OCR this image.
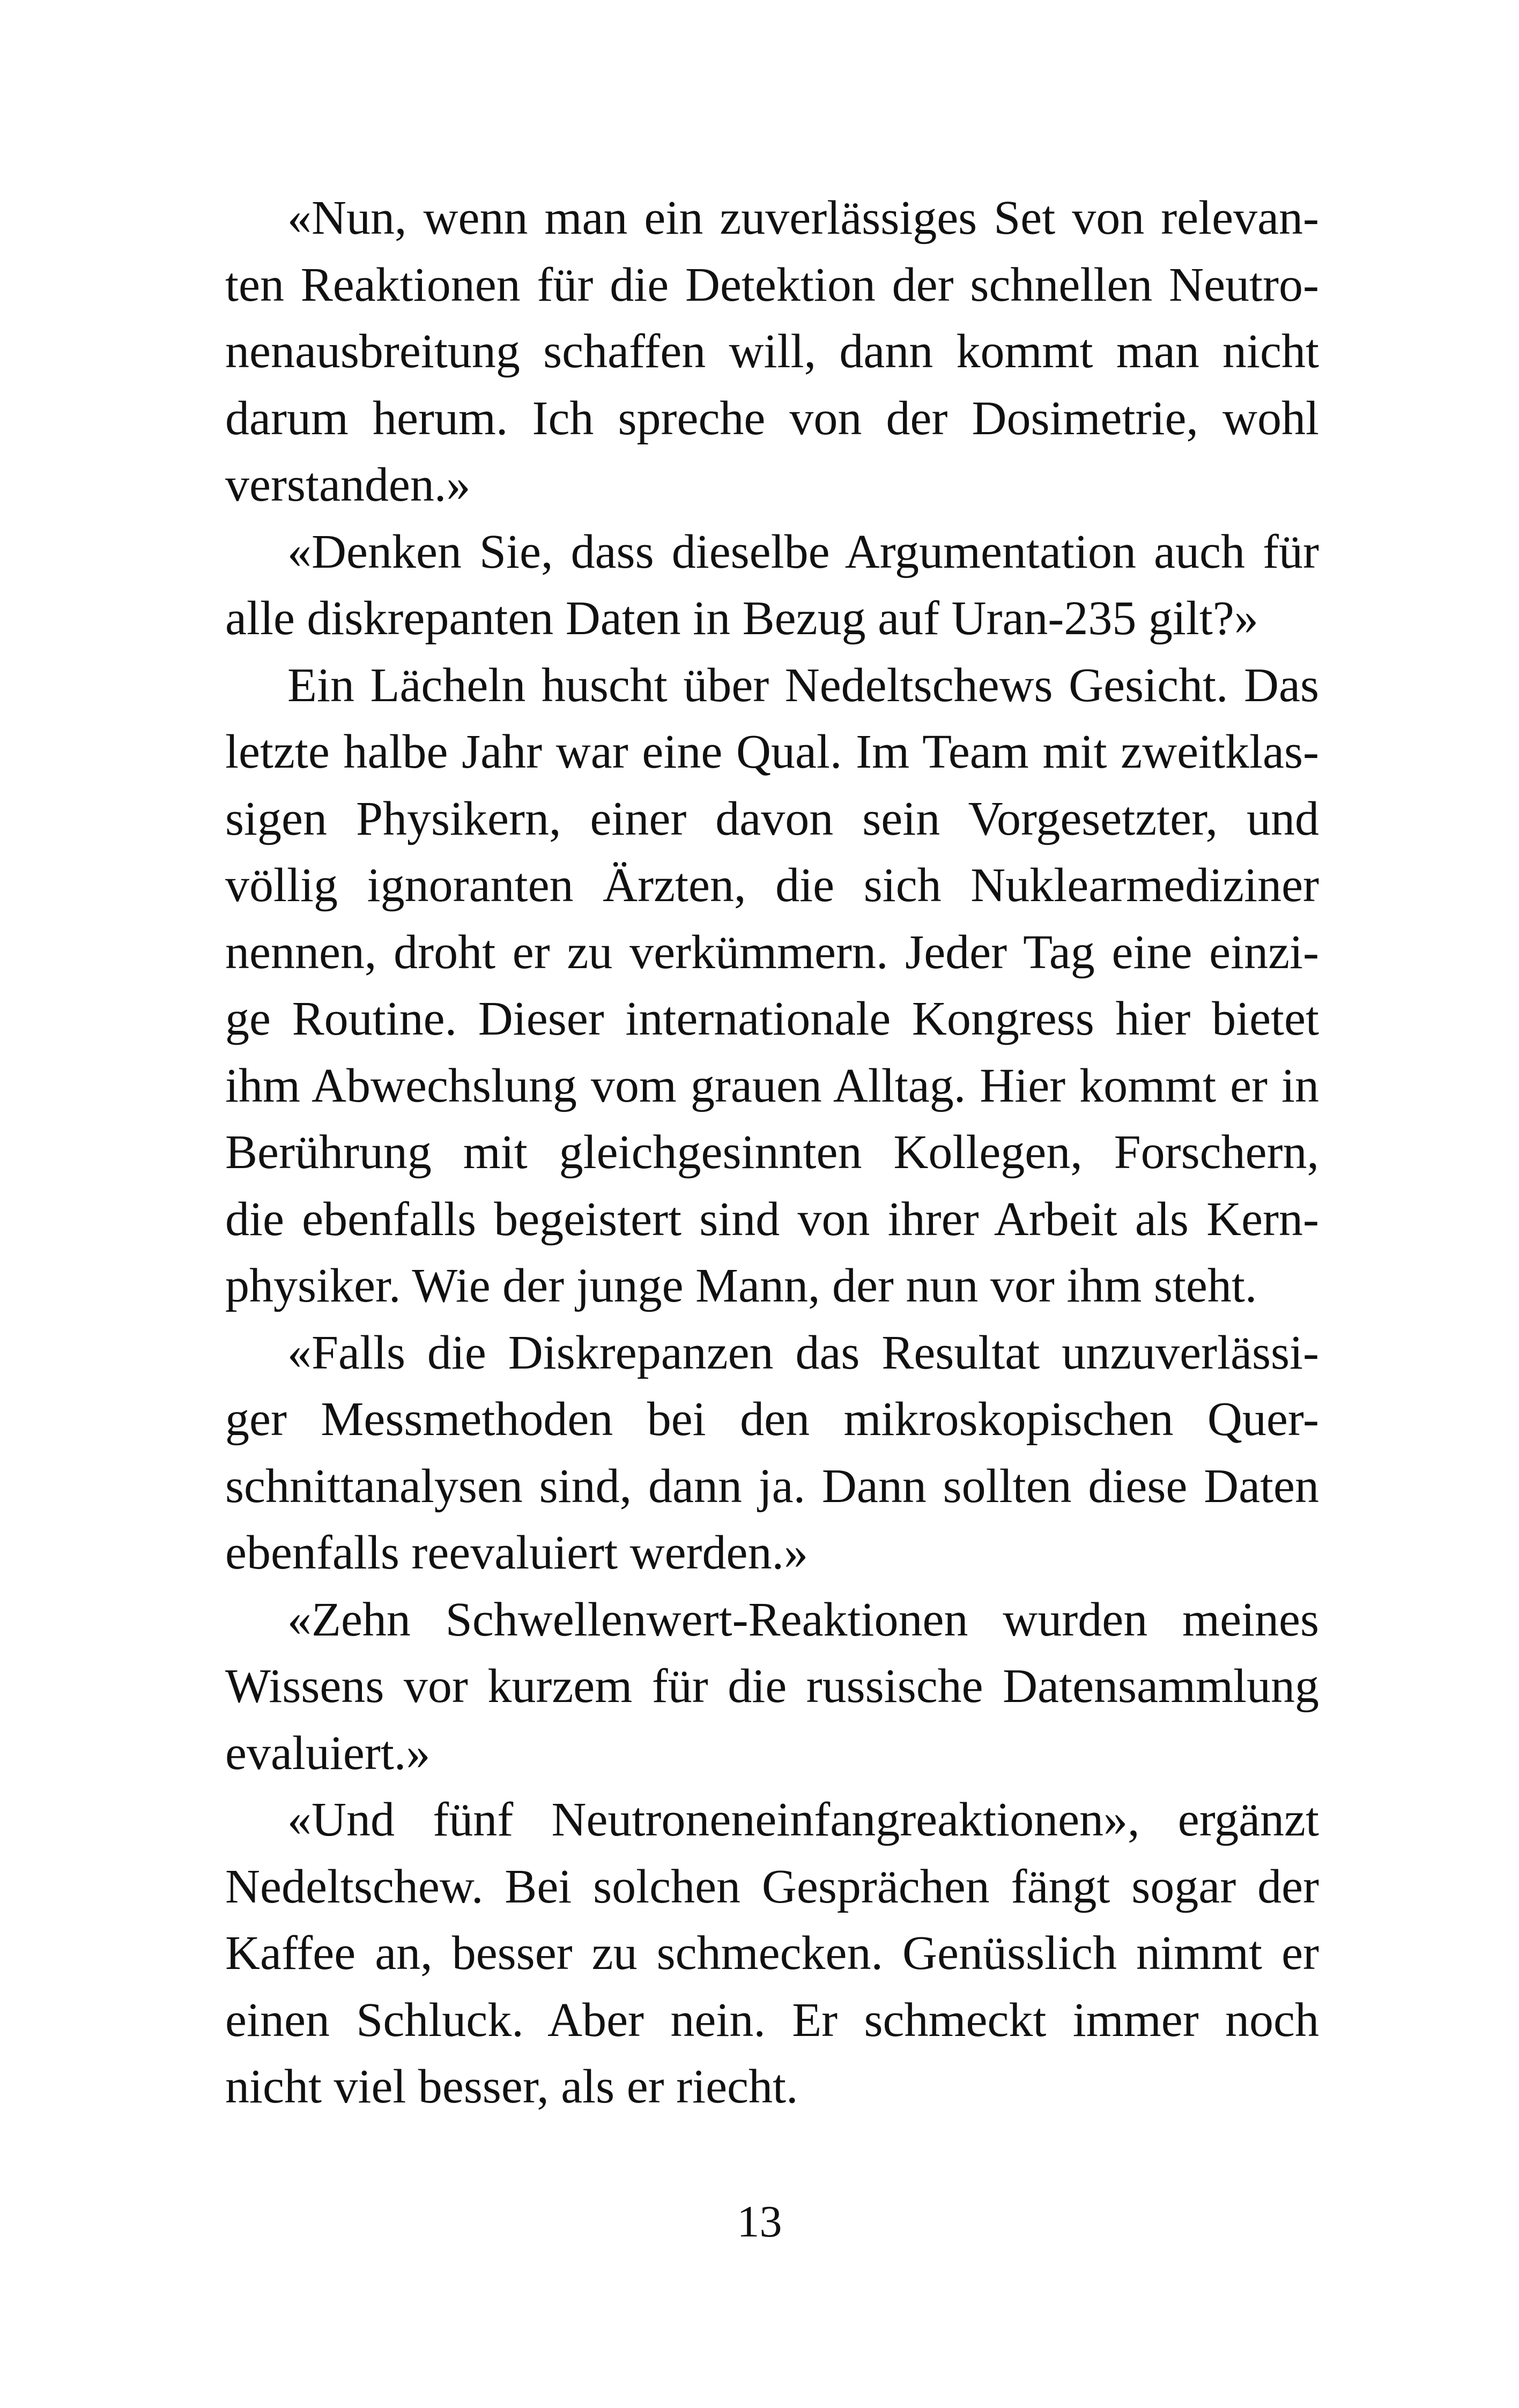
«Nun, wenn man ein zuverlässiges Set von relevan-
ten Reaktionen für die Detektion der schnellen Neutro-
nenausbreitung schaffen will, dann kommt man nicht
darum herum. Ich spreche von der Dosimetrie, wohl
verstanden.»
«Denken Sie, dass dieselbe Argumentation auch für
alle diskrepanten Daten in Bezug auf Uran-235 gilt?»
Ein Lächeln huscht über Nedeltschews Gesicht. Das
letzte halbe Jahr war eine Qual. Im Team mit zweitklas-
sigen Physikern, einer davon sein Vorgesetzter, und
völlig ignoranten Ärzten, die sich Nuklearmediziner
nennen, droht er zu verkümmern. Jeder Tag eine einzi-
ge Routine. Dieser internationale Kongress hier bietet
ihm Abwechslung vom grauen Alltag. Hier kommt er in
Berührung mit gleichgesinnten Kollegen, Forschern,
die ebenfalls begeistert sind von ihrer Arbeit als Kern-
physiker. Wie der junge Mann, der nun vor ihm steht.
«Falls die Diskrepanzen das Resultat unzuverlässi-
ger Messmethoden bei den mikroskopischen Quer-
schnittanalysen sind, dann ja. Dann sollten diese Daten
ebenfalls reevaluiert werden.»
«Zehn Schwellenwert-Reaktionen wurden meines
Wissens vor kurzem für die russische Datensammlung
evaluiert.»
«Und fünf Neutroneneinfangreaktionen», ergänzt
Nedeltschew. Bei solchen Gesprächen fängt sogar der
Kaffee an, besser zu schmecken. Genüsslich nimmt er
einen Schluck. Aber nein. Er schmeckt immer noch
nicht viel besser, als er riecht.
13
